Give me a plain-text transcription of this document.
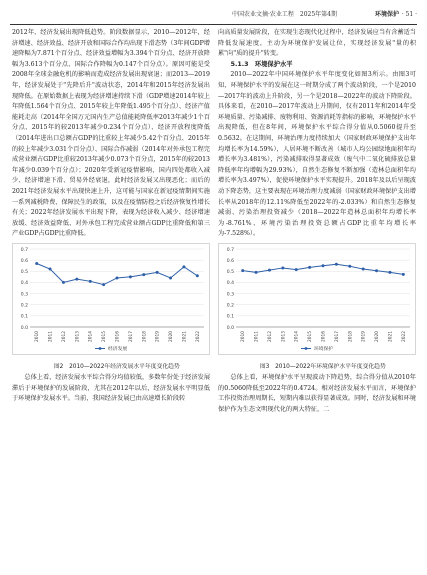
中国农业文摘·农业工程　2025年第4期	环境保护 · 51 ·

2012年，经济发展出现降低趋势。阶段数据显示，2010—2012年，经济增速、经济效益、经济开放和国际合作均出现下滑态势（3年间GDP增速降幅为7.871个百分点、经济效益增幅为3.394个百分点、经济开放降幅为3.613个百分点、国际合作降幅为0.147个百分点）。原因可能是受2008年全球金融危机的影响而造成经济发展出现衰退；而2013—2019年，经济发展处于"先降后升"波动状态，2014年和2015年经济发展出现降低。在原始数据上表现为经济增速持续下滑（GDP增速2014年较上年降低1.564个百分点、2015年较上年降低1.495个百分点）、经济产值能耗走高（2014年全国万元国内生产总值能耗降低率2013年减少1个百分点、2015年的较2013年减少0.234个百分点）、经济开放程度降低（2014年进出口总额占GDP的比重较上年减少5.42个百分点、2015年的较上年减少3.031个百分点）、国际合作减弱（2014年对外承包工程完成营业额占GDP比重较2013年减少0.073个百分点，2015年的较2013年减少0.039个百分点）；2020年受新冠疫情影响，国内四处都收入减少、经济增速下滑、贸易外经衰退，此时经济发展又出现恶化；而后的2021年经济发展水平出现快速上升，这可能与国家在新冠疫情期间实施一系列减税降费、保障民生的政策，以及在疫情防控之后经济恢复性增长有关；2022年经济发展水平出现下降，表现为经济收入减少、经济增速放缓、经济效益降低、对外承包工程完成营业额占GDP比重降低和第三产业GDP占GDP比重降低。

0.0
0.1
0.2
0.3
0.4
0.5
0.6
0.7
2010 2011 2012 2013 2014 2015 2016 2017 2018 2019 2020 2021 2022
经济发展

图2　2010—2022年经济发展水平年度变化趋势

总体上看，经济发展水平综合得分均值较低，多数年份处于经济发展滞后于环境保护的发展阶段，尤其在2012年以后，经济发展水平明显低于环境保护发展水平。当前，我国经济发展已由高速增长阶段转

向高质量发展阶段，在实现生态现代化过程中，经济发展应当有含蓄适当降低发展速度，主动为环境保护发展让位，实现经济发展"量的积累"向"质的提升"转变。

5.1.3　环境保护水平

2010—2022年中国环境保护水平年度变化如图3所示。由图3可知，环境保护水平的发展在这一时期分成了两个波动阶段，一个是2010—2017年的波动上升阶段，另一个是2018—2022年的波动下降阶段。具体来看，在2010—2017年波动上升期间，仅有2011年和2014年受环境质量、污染减排、废物利用、资源消耗等指标的影响，环境保护水平出现降低，但在8年间，环境保护水平综合得分值从0.5060提升至0.5632。在这期间，环境治理力度持续加大（国家财政环境保护支出年均增长率为14.59%），人居环境不断改善（城市人均公园绿地面积年均增长率为3.481%），污染减排取得显著成效（废气中二氧化硫排放总量降低率年均增幅为29.93%），自然生态修复不断加强（造林总面积年均增长率为3.497%），促使环境保护水平实现提升。2018年及以后呈现波动下降态势，这主要表现在环境治理力度减弱（国家财政环境保护支出增长率从2018年的12.11%降低至2022年的-2.033%）和自然生态修复减弱、污染治理投资减少（2018—2022年造林总面积年均增长率为-8.761%、环境污染治理投资总额占GDP比重年均增长率为-7.528%）。

0.0
0.1
0.2
0.3
0.4
0.5
0.6
0.7
2010 2011 2012 2013 2014 2015 2016 2017 2018 2019 2020 2021 2022
环境保护

图3　2010—2022年环境保护水平年度变化趋势

总体上看，环境保护水平呈现波动下降趋势，综合得分值从2010年的0.5060降低至2022年的0.4724。相对经济发展水平而言，环境保护工作投资治理周期长，短期内难以获得显著成效。同时，经济发展和环境保护作为生态文明现代化的两大特征，二
